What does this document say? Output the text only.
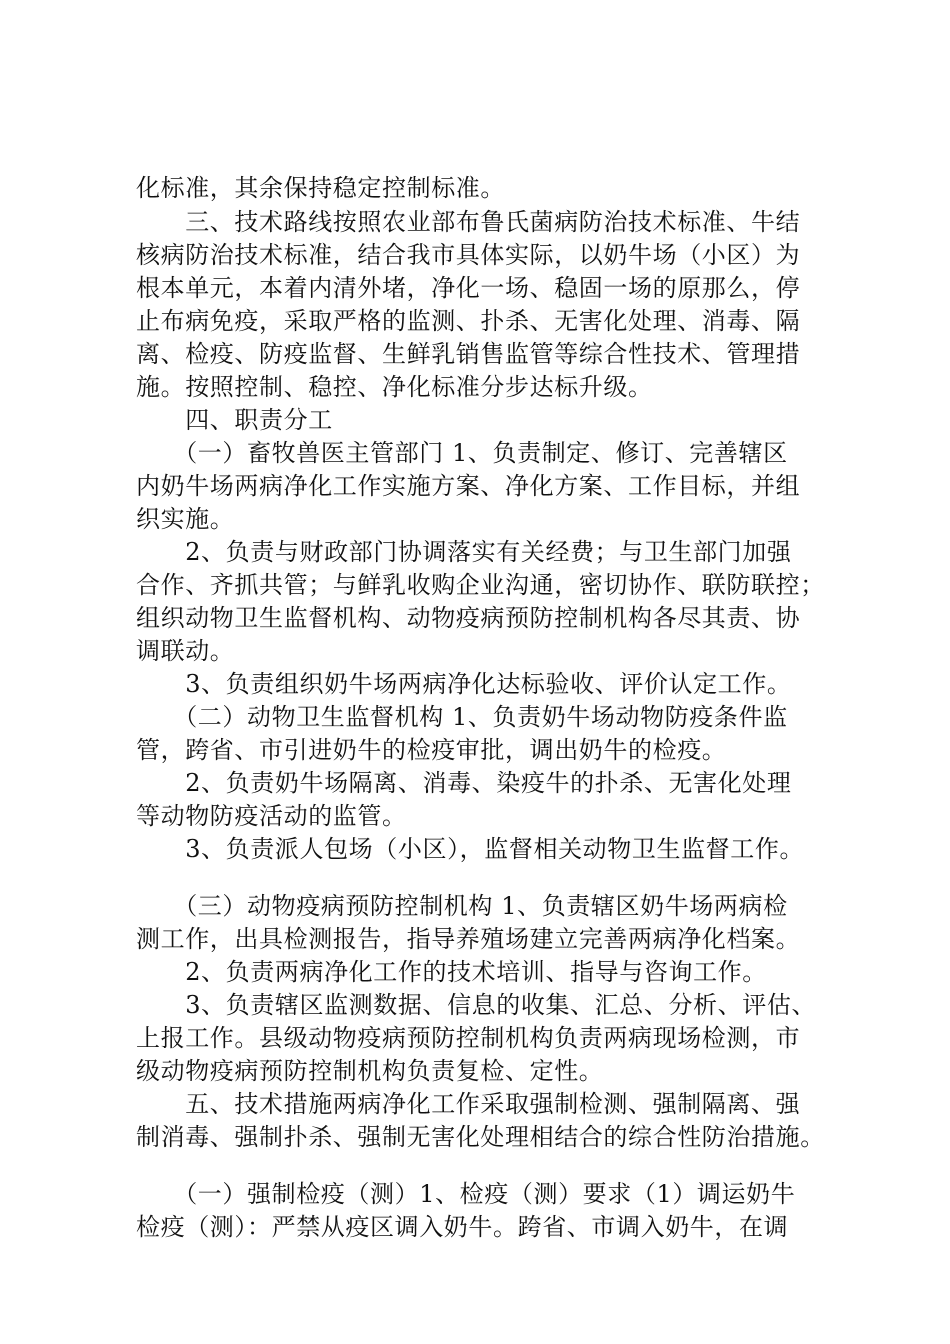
化标准，其余保持稳定控制标准。
　　三、技术路线按照农业部布鲁氏菌病防治技术标准、牛结
核病防治技术标准，结合我市具体实际，以奶牛场（小区）为
根本单元，本着内清外堵，净化一场、稳固一场的原那么，停
止布病免疫，采取严格的监测、扑杀、无害化处理、消毒、隔
离、检疫、防疫监督、生鲜乳销售监管等综合性技术、管理措
施。按照控制、稳控、净化标准分步达标升级。
　　四、职责分工
　　（一）畜牧兽医主管部门 1、负责制定、修订、完善辖区
内奶牛场两病净化工作实施方案、净化方案、工作目标，并组
织实施。
　　2、负责与财政部门协调落实有关经费；与卫生部门加强
合作、齐抓共管；与鲜乳收购企业沟通，密切协作、联防联控；
组织动物卫生监督机构、动物疫病预防控制机构各尽其责、协
调联动。
　　3、负责组织奶牛场两病净化达标验收、评价认定工作。
　　（二）动物卫生监督机构 1、负责奶牛场动物防疫条件监
管，跨省、市引进奶牛的检疫审批，调出奶牛的检疫。
　　2、负责奶牛场隔离、消毒、染疫牛的扑杀、无害化处理
等动物防疫活动的监管。
　　3、负责派人包场（小区），监督相关动物卫生监督工作。
　　（三）动物疫病预防控制机构 1、负责辖区奶牛场两病检
测工作，出具检测报告，指导养殖场建立完善两病净化档案。
　　2、负责两病净化工作的技术培训、指导与咨询工作。
　　3、负责辖区监测数据、信息的收集、汇总、分析、评估、
上报工作。县级动物疫病预防控制机构负责两病现场检测，市
级动物疫病预防控制机构负责复检、定性。
　　五、技术措施两病净化工作采取强制检测、强制隔离、强
制消毒、强制扑杀、强制无害化处理相结合的综合性防治措施。
　　（一）强制检疫（测）1、检疫（测）要求（1）调运奶牛
检疫（测）：严禁从疫区调入奶牛。跨省、市调入奶牛，在调
